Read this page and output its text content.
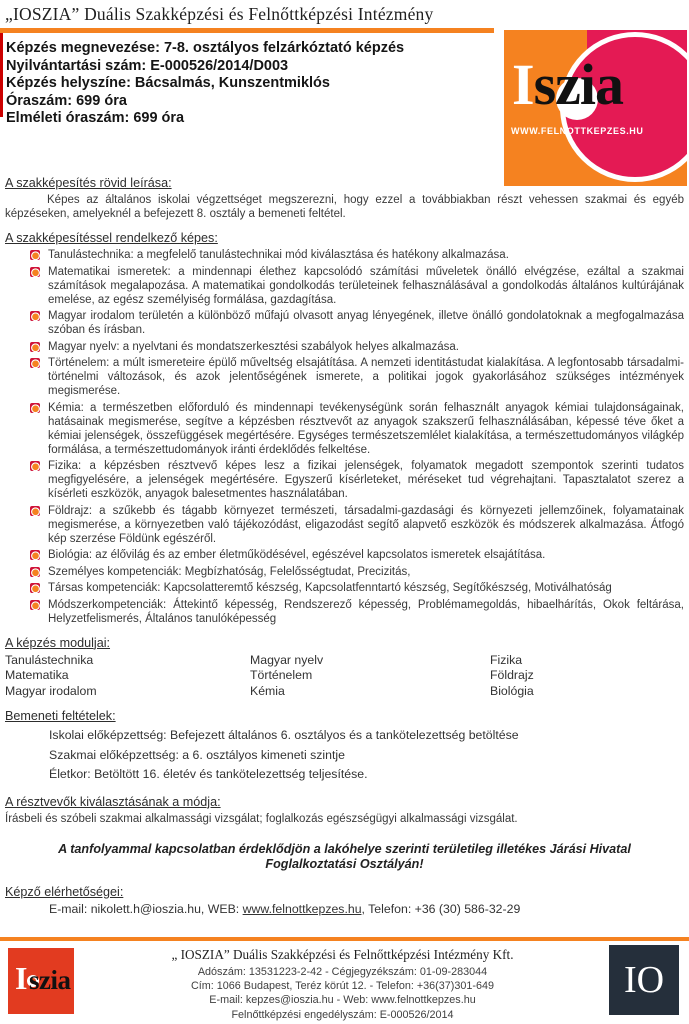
„IOSZIA” Duális Szakképzési és Felnőttképzési Intézmény
Képzés megnevezése: 7-8. osztályos felzárkóztató képzés
Nyilvántartási szám: E-000526/2014/D003
Képzés helyszíne: Bácsalmás, Kunszentmiklós
Óraszám: 699 óra
Elméleti óraszám: 699 óra
Iszia
WWW.FELNOTTKEPZES.HU
A szakképesítés rövid leírása:

Képes az általános iskolai végzettséget megszerezni, hogy ezzel a továbbiakban részt vehessen szakmai és egyéb képzéseken, amelyeknél a befejezett 8. osztály a bemeneti feltétel.

A szakképesítéssel rendelkező képes:
Tanulástechnika: a megfelelő tanulástechnikai mód kiválasztása és hatékony alkalmazása.
Matematikai ismeretek: a mindennapi élethez kapcsolódó számítási műveletek önálló elvégzése, ezáltal a szakmai számítások megalapozása. A matematikai gondolkodás területeinek felhasználásával a gondolkodás általános kultúrájának emelése, az egész személyiség formálása, gazdagítása.
Magyar irodalom területén a különböző műfajú olvasott anyag lényegének, illetve önálló gondolatoknak a megfogalmazása szóban és írásban.
Magyar nyelv: a nyelvtani és mondatszerkesztési szabályok helyes alkalmazása.
Történelem: a múlt ismereteire épülő műveltség elsajátítása. A nemzeti identitástudat kialakítása. A legfontosabb társadalmi-történelmi változások, és azok jelentőségének ismerete, a politikai jogok gyakorlásához szükséges intézmények megismerése.
Kémia: a természetben előforduló és mindennapi tevékenységünk során felhasznált anyagok kémiai tulajdonságainak, hatásainak megismerése, segítve a képzésben résztvevőt az anyagok szakszerű felhasználásában, képessé téve őket a kémiai jelenségek, összefüggések megértésére. Egységes természetszemlélet kialakítása, a természettudományos világkép formálása, a természettudományok iránti érdeklődés felkeltése.
Fizika: a képzésben résztvevő képes lesz a fizikai jelenségek, folyamatok megadott szempontok szerinti tudatos megfigyelésére, a jelenségek megértésére. Egyszerű kísérleteket, méréseket tud végrehajtani. Tapasztalatot szerez a kísérleti eszközök, anyagok balesetmentes használatában.
Földrajz: a szűkebb és tágabb környezet természeti, társadalmi-gazdasági és környezeti jellemzőinek, folyamatainak megismerése, a környezetben való tájékozódást, eligazodást segítő alapvető eszközök és módszerek alkalmazása. Átfogó kép szerzése Földünk egészéről.
Biológia: az élővilág és az ember életműködésével, egészével kapcsolatos ismeretek elsajátítása.
Személyes kompetenciák: Megbízhatóság, Felelősségtudat, Precizitás,
Társas kompetenciák: Kapcsolatteremtő készség, Kapcsolatfenntartó készség, Segítőkészség, Motiválhatóság
Módszerkompetenciák: Áttekintő képesség, Rendszerező képesség, Problémamegoldás, hibaelhárítás, Okok feltárása, Helyzetfelismerés, Általános tanulóképesség
A képzés moduljai:
Tanulástechnika
Matematika
Magyar irodalom
Magyar nyelv
Történelem
Kémia
Fizika
Földrajz
Biológia
Bemeneti feltételek:
Iskolai előképzettség: Befejezett általános 6. osztályos és a tankötelezettség betöltése
Szakmai előképzettség: a 6. osztályos kimeneti szintje
Életkor: Betöltött 16. életév és tankötelezettség teljesítése.
A résztvevők kiválasztásának a módja:

Írásbeli és szóbeli szakmai alkalmassági vizsgálat; foglalkozás egészségügyi alkalmassági vizsgálat.

A tanfolyammal kapcsolatban érdeklődjön a lakóhelye szerinti területileg illetékes Járási Hivatal Foglalkoztatási Osztályán!
Képző elérhetőségei:
E-mail: nikolett.h@ioszia.hu, WEB: www.felnottkepzes.hu, Telefon: +36 (30) 586-32-29
I szia
„ IOSZIA” Duális Szakképzési és Felnőttképzési Intézmény Kft.
Adószám: 13531223-2-42 - Cégjegyzékszám: 01-09-283044
Cím: 1066 Budapest, Teréz körút 12. - Telefon: +36(37)301-649
E-mail: kepzes@ioszia.hu - Web: www.felnottkepzes.hu
Felnőttképzési engedélyszám: E-000526/2014
IO
